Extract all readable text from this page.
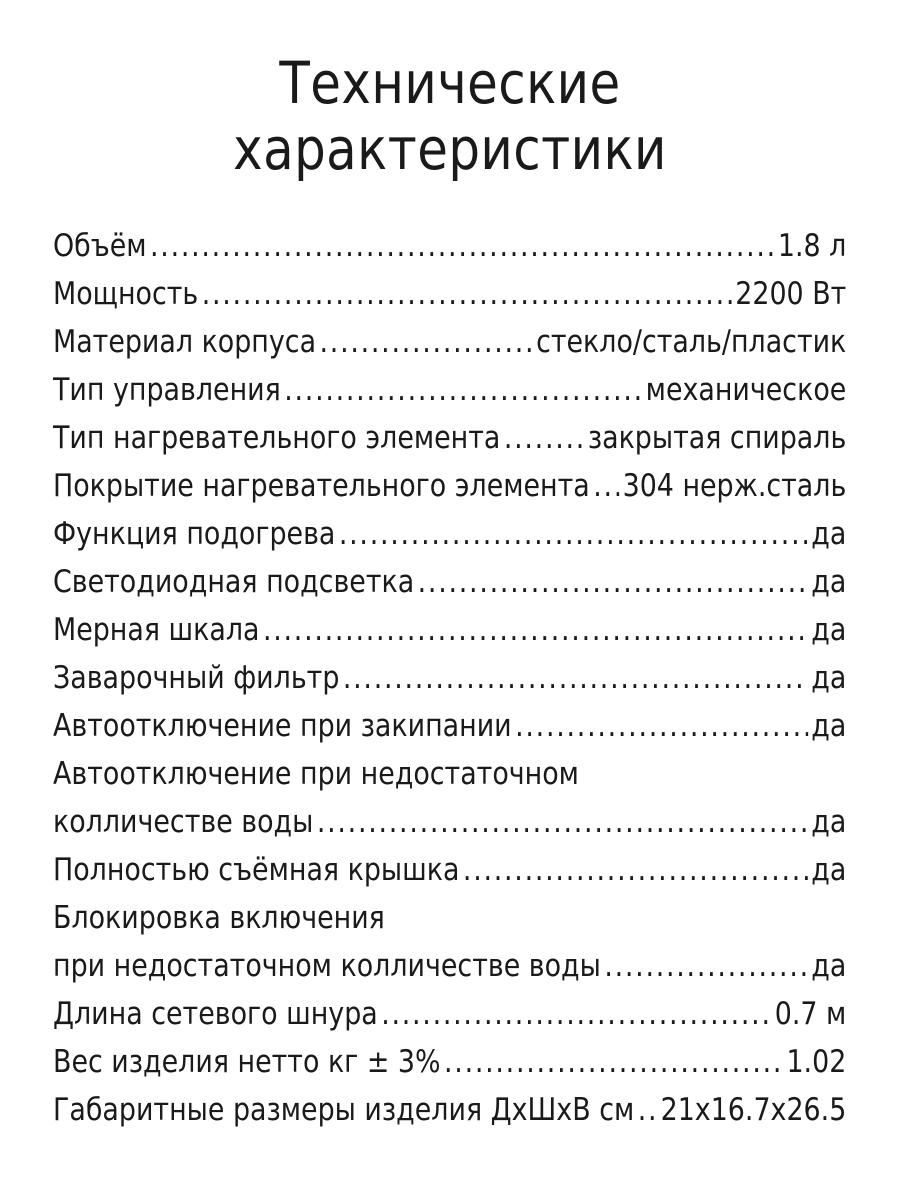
Технические
характеристики
Объём .....	1.8 л
Мощность .....	2200 Вт
Материал корпуса .....	стекло/сталь/пластик
Тип управления .....	механическое
Тип нагревательного элемента .....	закрытая спираль
Покрытие нагревательного элемента ..... 304 нерж.сталь
Функция подогрева .....	да
Светодиодная подсветка .....	да
Мерная шкала .....	да
Заварочный фильтр .....	да
Автоотключение при закипании .....	да
Автоотключение при недостаточном
колличестве воды .....	да
Полностью съёмная крышка .....	да
Блокировка включения
при недостаточном колличестве воды .....	да
Длина сетевого шнура .....	0.7 м
Вес изделия нетто кг ± 3% .....	1.02
Габаритные размеры изделия ДхШхВ см ..... 21х16.7х26.5
